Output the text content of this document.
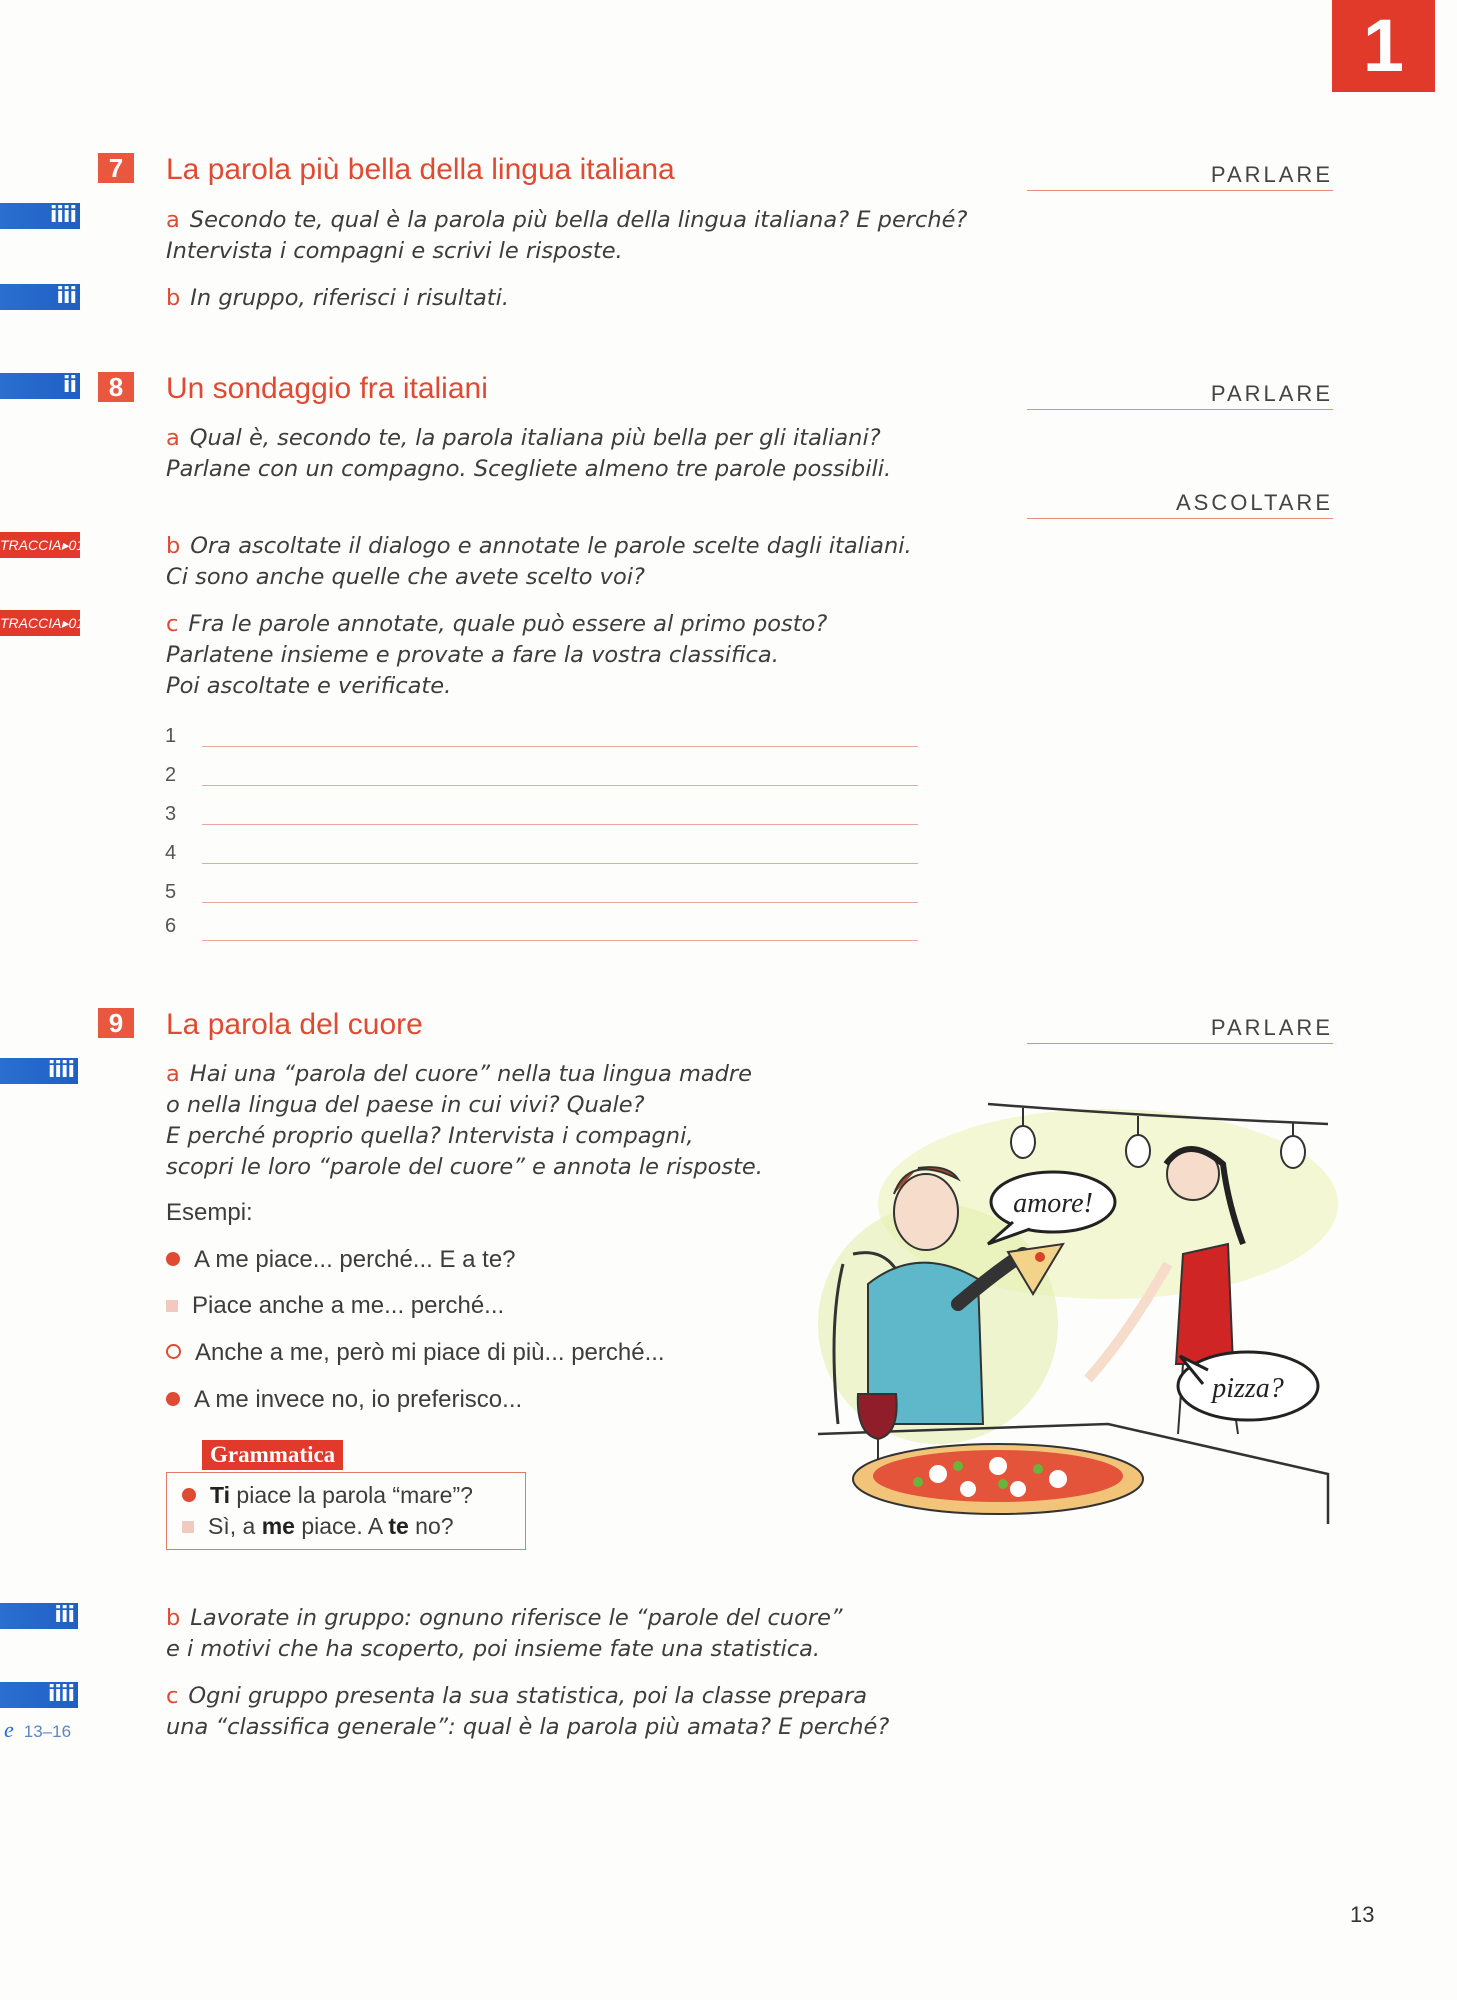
1
iiii
iii
ii
TRACCIA▸01
TRACCIA▸01
iiii
iii
iiii
e 13–16
7	La parola più bella della lingua italiana	PARLARE
a Secondo te, qual è la parola più bella della lingua italiana? E perché?
Intervista i compagni e scrivi le risposte.
b In gruppo, riferisci i risultati.
8	Un sondaggio fra italiani	PARLARE
ASCOLTARE
a Qual è, secondo te, la parola italiana più bella per gli italiani?
Parlane con un compagno. Scegliete almeno tre parole possibili.
b Ora ascoltate il dialogo e annotate le parole scelte dagli italiani.
Ci sono anche quelle che avete scelto voi?
c Fra le parole annotate, quale può essere al primo posto?
Parlatene insieme e provate a fare la vostra classifica.
Poi ascoltate e verificate.
1
2
3
4
5
6
9	La parola del cuore	PARLARE
a Hai una “parola del cuore” nella tua lingua madre
o nella lingua del paese in cui vivi? Quale?
E perché proprio quella? Intervista i compagni,
scopri le loro “parole del cuore” e annota le risposte.
Esempi:
A me piace... perché... E a te?
Piace anche a me... perché...
Anche a me, però mi piace di più... perché...
A me invece no, io preferisco...
Grammatica
Ti piace la parola “mare”?
Sì, a me piace. A te no?
amore!
pizza?
b Lavorate in gruppo: ognuno riferisce le “parole del cuore”
e i motivi che ha scoperto, poi insieme fate una statistica.
c Ogni gruppo presenta la sua statistica, poi la classe prepara
una “classifica generale”: qual è la parola più amata? E perché?
13
